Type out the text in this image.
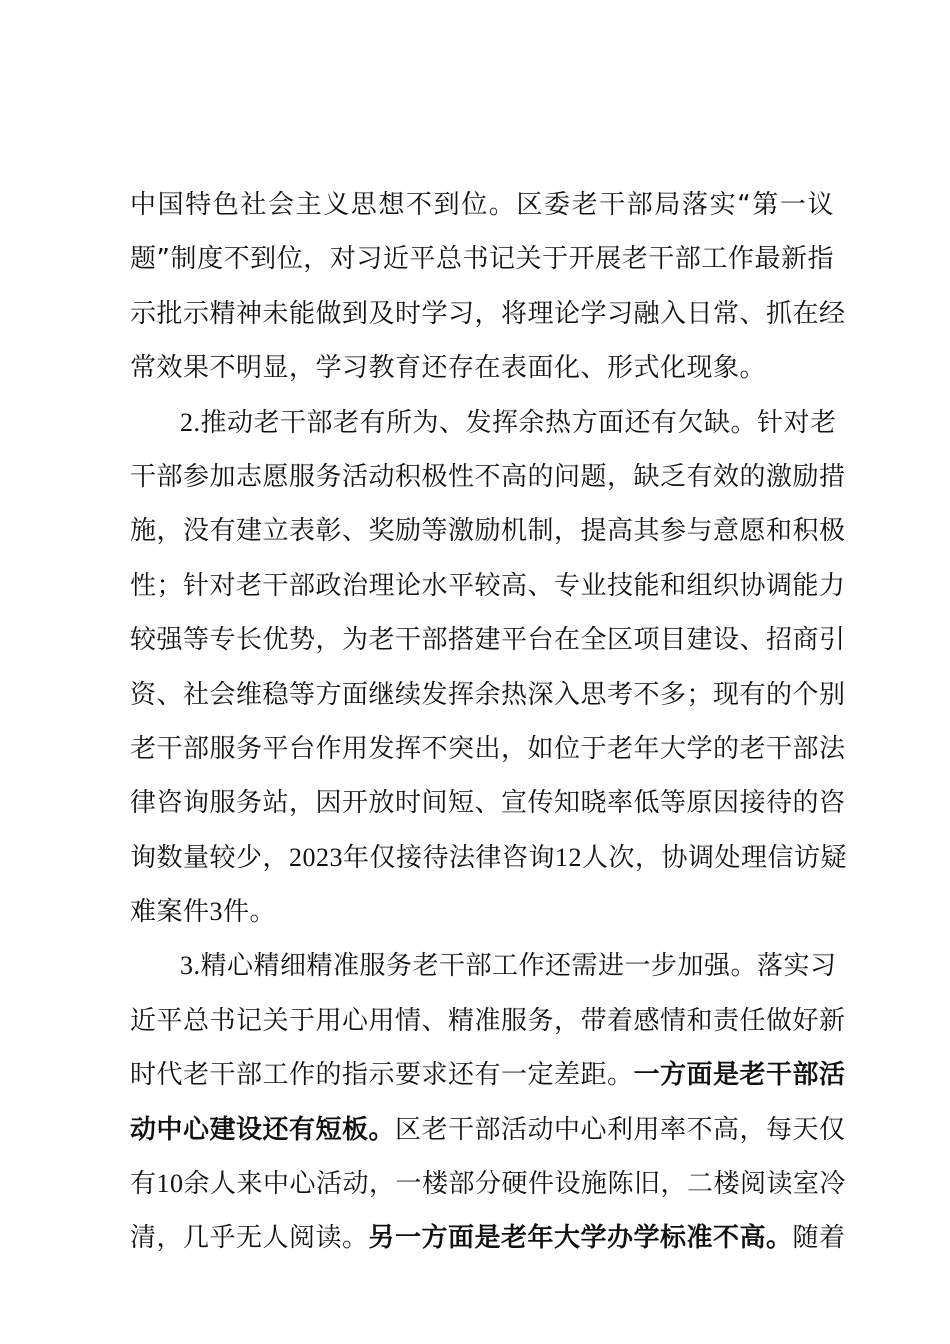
中国特色社会主义思想不到位。区委老干部局落实“第一议
题”制度不到位，对习近平总书记关于开展老干部工作最新指
示批示精神未能做到及时学习，将理论学习融入日常、抓在经
常效果不明显，学习教育还存在表面化、形式化现象。
2.推动老干部老有所为、发挥余热方面还有欠缺。针对老
干部参加志愿服务活动积极性不高的问题，缺乏有效的激励措
施，没有建立表彰、奖励等激励机制，提高其参与意愿和积极
性；针对老干部政治理论水平较高、专业技能和组织协调能力
较强等专长优势，为老干部搭建平台在全区项目建设、招商引
资、社会维稳等方面继续发挥余热深入思考不多；现有的个别
老干部服务平台作用发挥不突出，如位于老年大学的老干部法
律咨询服务站，因开放时间短、宣传知晓率低等原因接待的咨
询数量较少，2023年仅接待法律咨询12人次，协调处理信访疑
难案件3件。
3.精心精细精准服务老干部工作还需进一步加强。落实习
近平总书记关于用心用情、精准服务，带着感情和责任做好新
时代老干部工作的指示要求还有一定差距。一方面是老干部活
动中心建设还有短板。区老干部活动中心利用率不高，每天仅
有10余人来中心活动，一楼部分硬件设施陈旧，二楼阅读室冷
清，几乎无人阅读。另一方面是老年大学办学标准不高。随着
